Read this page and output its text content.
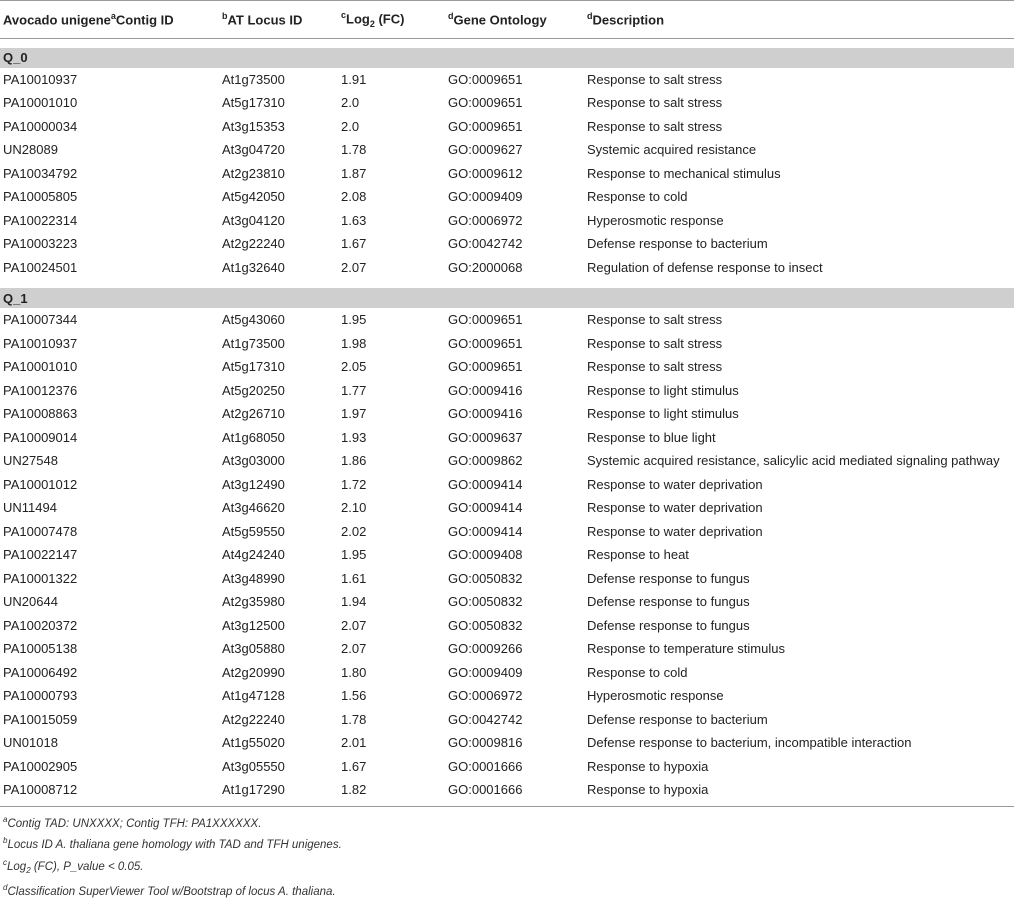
Avocado unigene$^a$Contig ID	$^b$AT Locus ID	$^c$Log$_2$ (FC)	$^d$Gene Ontology	$^d$Description

Q_0				
PA10010937	At1g73500	1.91	GO:0009651	Response to salt stress
PA10001010	At5g17310	2.0	GO:0009651	Response to salt stress
PA10000034	At3g15353	2.0	GO:0009651	Response to salt stress
UN28089	At3g04720	1.78	GO:0009627	Systemic acquired resistance
PA10034792	At2g23810	1.87	GO:0009612	Response to mechanical stimulus
PA10005805	At5g42050	2.08	GO:0009409	Response to cold
PA10022314	At3g04120	1.63	GO:0006972	Hyperosmotic response
PA10003223	At2g22240	1.67	GO:0042742	Defense response to bacterium
PA10024501	At1g32640	2.07	GO:2000068	Regulation of defense response to insect

Q_1				
PA10007344	At5g43060	1.95	GO:0009651	Response to salt stress
PA10010937	At1g73500	1.98	GO:0009651	Response to salt stress
PA10001010	At5g17310	2.05	GO:0009651	Response to salt stress
PA10012376	At5g20250	1.77	GO:0009416	Response to light stimulus
PA10008863	At2g26710	1.97	GO:0009416	Response to light stimulus
PA10009014	At1g68050	1.93	GO:0009637	Response to blue light
UN27548	At3g03000	1.86	GO:0009862	Systemic acquired resistance, salicylic acid mediated signaling pathway
PA10001012	At3g12490	1.72	GO:0009414	Response to water deprivation
UN11494	At3g46620	2.10	GO:0009414	Response to water deprivation
PA10007478	At5g59550	2.02	GO:0009414	Response to water deprivation
PA10022147	At4g24240	1.95	GO:0009408	Response to heat
PA10001322	At3g48990	1.61	GO:0050832	Defense response to fungus
UN20644	At2g35980	1.94	GO:0050832	Defense response to fungus
PA10020372	At3g12500	2.07	GO:0050832	Defense response to fungus
PA10005138	At3g05880	2.07	GO:0009266	Response to temperature stimulus
PA10006492	At2g20990	1.80	GO:0009409	Response to cold
PA10000793	At1g47128	1.56	GO:0006972	Hyperosmotic response
PA10015059	At2g22240	1.78	GO:0042742	Defense response to bacterium
UN01018	At1g55020	2.01	GO:0009816	Defense response to bacterium, incompatible interaction
PA10002905	At3g05550	1.67	GO:0001666	Response to hypoxia
PA10008712	At1g17290	1.82	GO:0001666	Response to hypoxia
$^a$Contig TAD: UNXXXX; Contig TFH: PA1XXXXXX.
$^b$Locus ID A. thaliana gene homology with TAD and TFH unigenes.
$^c$Log$_2$ (FC), P_value < 0.05.
$^d$Classification SuperViewer Tool w/Bootstrap of locus A. thaliana.
